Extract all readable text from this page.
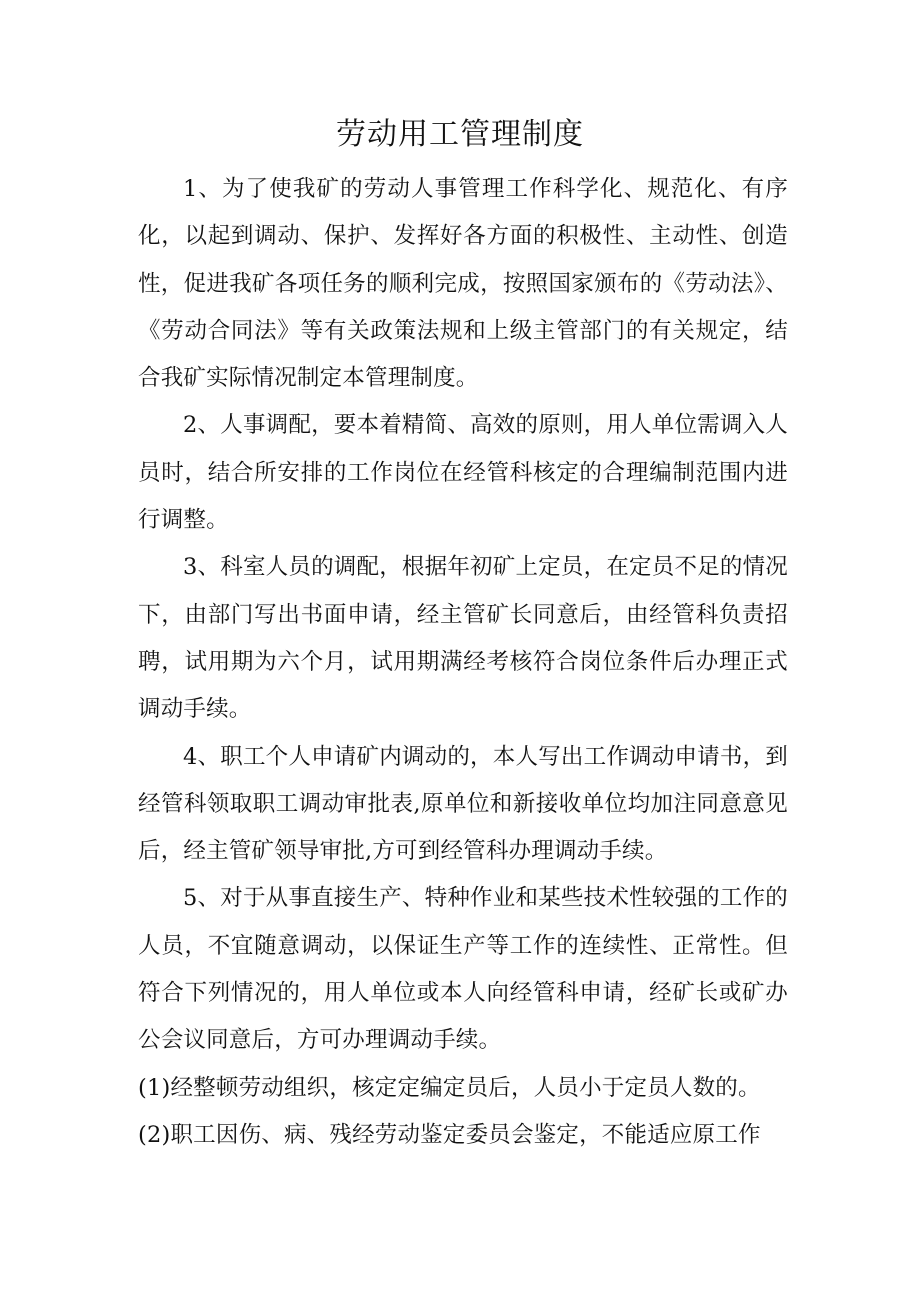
劳动用工管理制度

1、为了使我矿的劳动人事管理工作科学化、规范化、有序化，以起到调动、保护、发挥好各方面的积极性、主动性、创造性，促进我矿各项任务的顺利完成，按照国家颁布的《劳动法》、《劳动合同法》等有关政策法规和上级主管部门的有关规定，结合我矿实际情况制定本管理制度。

2、人事调配，要本着精简、高效的原则，用人单位需调入人员时，结合所安排的工作岗位在经管科核定的合理编制范围内进行调整。

3、科室人员的调配，根据年初矿上定员，在定员不足的情况下，由部门写出书面申请，经主管矿长同意后，由经管科负责招聘，试用期为六个月，试用期满经考核符合岗位条件后办理正式调动手续。

4、职工个人申请矿内调动的，本人写出工作调动申请书，到经管科领取职工调动审批表,原单位和新接收单位均加注同意意见后，经主管矿领导审批,方可到经管科办理调动手续。

5、对于从事直接生产、特种作业和某些技术性较强的工作的人员，不宜随意调动，以保证生产等工作的连续性、正常性。但符合下列情况的，用人单位或本人向经管科申请，经矿长或矿办公会议同意后，方可办理调动手续。

(1)经整顿劳动组织，核定定编定员后，人员小于定员人数的。

(2)职工因伤、病、残经劳动鉴定委员会鉴定，不能适应原工作
